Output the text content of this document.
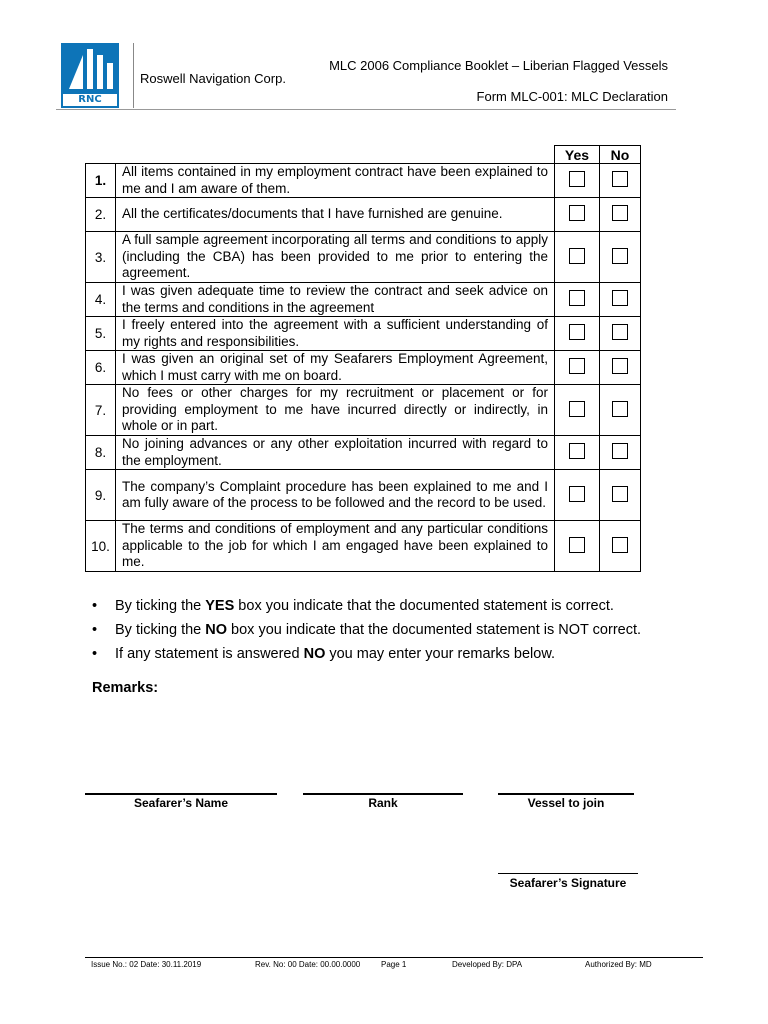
RNC
Roswell Navigation Corp.
MLC 2006 Compliance Booklet – Liberian Flagged Vessels
Form MLC-001: MLC Declaration
		Yes	No
1.	All items contained in my employment contract have been explained to me and I am aware of them.		
2.	All the certificates/documents that I have furnished are genuine.		
3.	A full sample agreement incorporating all terms and conditions to apply (including the CBA) has been provided to me prior to entering the agreement.		
4.	I was given adequate time to review the contract and seek advice on the terms and conditions in the agreement		
5.	I freely entered into the agreement with a sufficient understanding of my rights and responsibilities.		
6.	I was given an original set of my Seafarers Employment Agreement, which I must carry with me on board.		
7.	No fees or other charges for my recruitment or placement or for providing employment to me have incurred directly or indirectly, in whole or in part.		
8.	No joining advances or any other exploitation incurred with regard to the employment.		
9.	The company’s Complaint procedure has been explained to me and I am fully aware of the process to be followed and the record to be used.		
10.	The terms and conditions of employment and any particular conditions applicable to the job for which I am engaged have been explained to me.		
• By ticking the YES box you indicate that the documented statement is correct.
• By ticking the NO box you indicate that the documented statement is NOT correct.
• If any statement is answered NO you may enter your remarks below.
Remarks:
Seafarer’s Name	Rank	Vessel to join
Seafarer’s Signature
Issue No.: 02 Date: 30.11.2019	Rev. No: 00 Date: 00.00.0000	Page 1	Developed By: DPA	Authorized By: MD
